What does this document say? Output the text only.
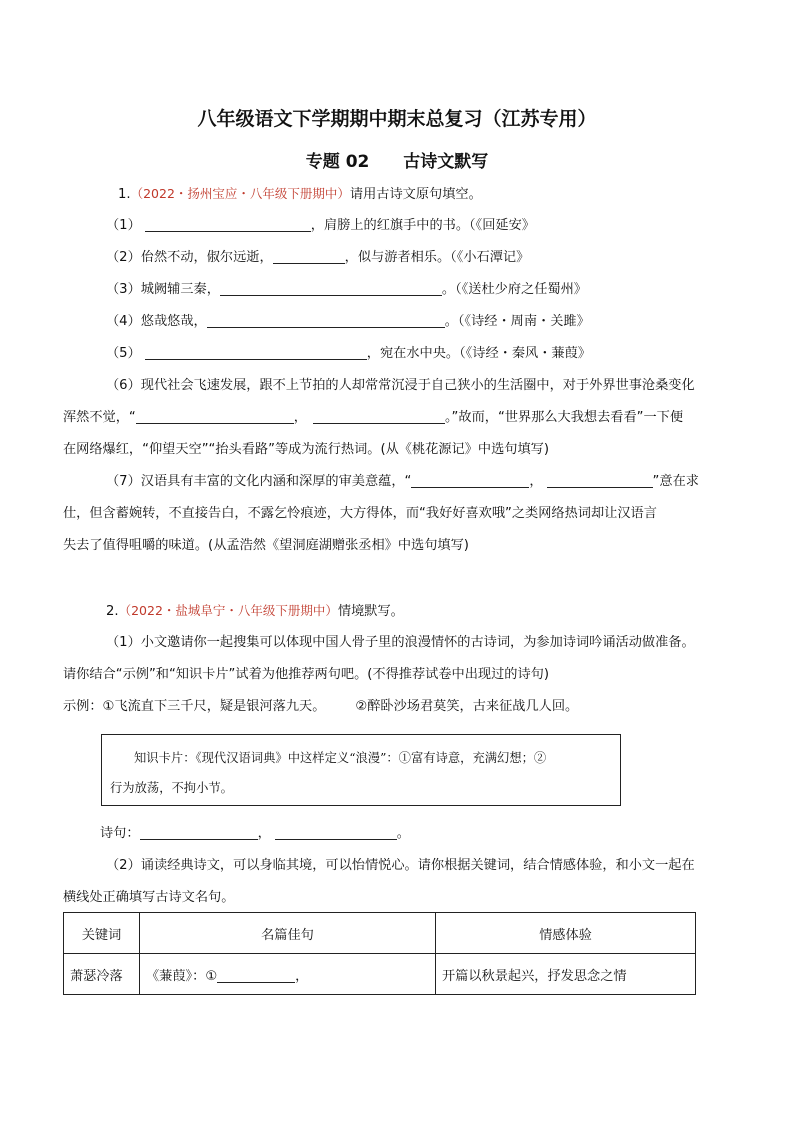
八年级语文下学期期中期末总复习（江苏专用）
专题 02 古诗文默写
1.（2022・扬州宝应・八年级下册期中）请用古诗文原句填空。
（1）	，肩膀上的红旗手中的书。（《回延安》
（2）佁然不动，俶尔远逝，	，似与游者相乐。（《小石潭记》
（3）城阙辅三秦，	。（《送杜少府之任蜀州》
（4）悠哉悠哉，	。（《诗经・周南・关雎》
（5）	，宛在水中央。（《诗经・秦风・蒹葭》
（6）现代社会飞速发展，跟不上节拍的人却常常沉浸于自己狭小的生活圈中，对于外界世事沧桑变化
浑然不觉，“	，	。”故而，“世界那么大我想去看看”一下便
在网络爆红，“仰望天空”“抬头看路”等成为流行热词。(从《桃花源记》中选句填写)
（7）汉语具有丰富的文化内涵和深厚的审美意蕴，“	，	”意在求
仕，但含蓄婉转，不直接告白，不露乞怜痕迹，大方得体，而“我好好喜欢哦”之类网络热词却让汉语言
失去了值得咀嚼的味道。(从孟浩然《望洞庭湖赠张丞相》中选句填写)
2.（2022・盐城阜宁・八年级下册期中）情境默写。
（1）小文邀请你一起搜集可以体现中国人骨子里的浪漫情怀的古诗词，为参加诗词吟诵活动做准备。
请你结合“示例”和“知识卡片”试着为他推荐两句吧。(不得推荐试卷中出现过的诗句)
示例：①飞流直下三千尺，疑是银河落九天。 ②醉卧沙场君莫笑，古来征战几人回。
知识卡片：《现代汉语词典》中这样定义“浪漫”：①富有诗意，充满幻想；②
行为放荡，不拘小节。
诗句：	，	。
（2）诵读经典诗文，可以身临其境，可以怡情悦心。请你根据关键词，结合情感体验，和小文一起在
横线处正确填写古诗文名句。
关键词	名篇佳句	情感体验
萧瑟冷落	《蒹葭》：① ，	开篇以秋景起兴，抒发思念之情
